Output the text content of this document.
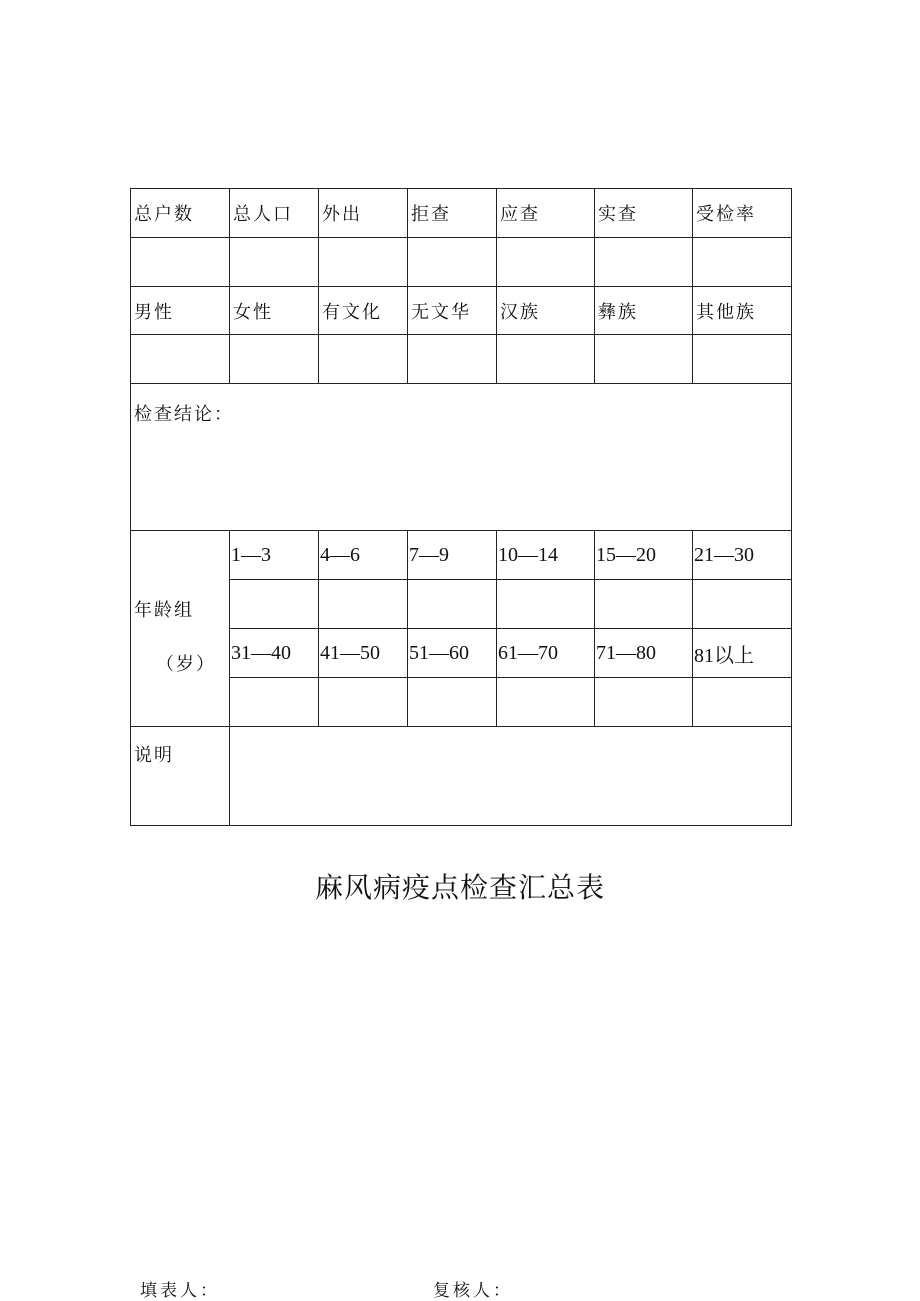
总户数	总人口	外出	拒查	应查	实查	受检率

男性	女性	有文化	无文华	汉族	彝族	其他族

检查结论：						

年龄组
（岁）	1—3	4—6	7—9	10—14	15—20	21—30

	31—40	41—50	51—60	61—70	71—80	81以上

说明						
麻风病疫点检查汇总表
填表人：	复核人：
